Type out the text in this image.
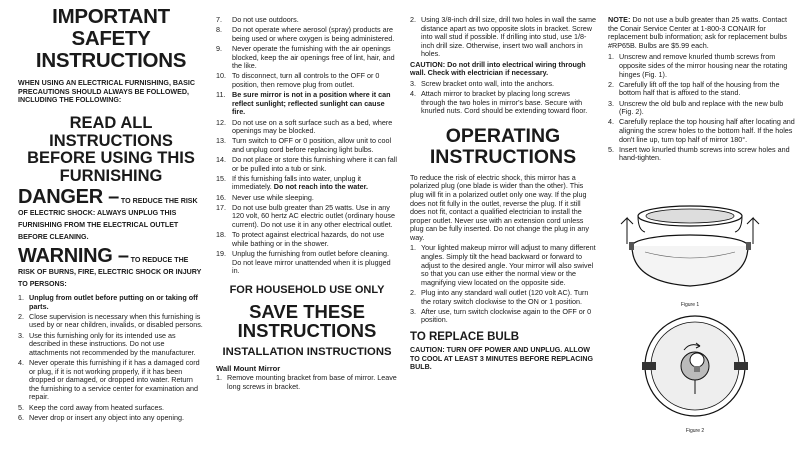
IMPORTANT SAFETY INSTRUCTIONS
WHEN USING AN ELECTRICAL FURNISHING, BASIC PRECAUTIONS SHOULD ALWAYS BE FOLLOWED, INCLUDING THE FOLLOWING:
READ ALL INSTRUCTIONS BEFORE USING THIS FURNISHING
DANGER – TO REDUCE THE RISK OF ELECTRIC SHOCK: ALWAYS UNPLUG THIS FURNISHING FROM THE ELECTRICAL OUTLET BEFORE CLEANING.
WARNING – TO REDUCE THE RISK OF BURNS, FIRE, ELECTRIC SHOCK OR INJURY TO PERSONS:
1. Unplug from outlet before putting on or taking off parts.
2. Close supervision is necessary when this furnishing is used by or near children, invalids, or disabled persons.
3. Use this furnishing only for its intended use as described in these instructions. Do not use attachments not recommended by the manufacturer.
4. Never operate this furnishing if it has a damaged cord or plug, if it is not working properly, if it has been dropped or damaged, or dropped into water. Return the furnishing to a service center for examination and repair.
5. Keep the cord away from heated surfaces.
6. Never drop or insert any object into any opening.
7.	Do not use outdoors.
8.	Do not operate where aerosol (spray) products are being used or where oxygen is being administered.
9.	Never operate the furnishing with the air openings blocked, keep the air openings free of lint, hair, and the like.
10. To disconnect, turn all controls to the OFF or 0 position, then remove plug from outlet.
11. Be sure mirror is not in a position where it can reflect sunlight; reflected sunlight can cause fire.
12. Do not use on a soft surface such as a bed, where openings may be blocked.
13. Turn switch to OFF or 0 position, allow unit to cool and unplug cord before replacing light bulbs.
14. Do not place or store this furnishing where it can fall or be pulled into a tub or sink.
15. If this furnishing falls into water, unplug it immediately. Do not reach into the water.
16. Never use while sleeping.
17. Do not use bulb greater than 25 watts. Use in any 120 volt, 60 hertz AC electric outlet (ordinary house current). Do not use it in any other electrical outlet.
18. To protect against electrical hazards, do not use while bathing or in the shower.
19. Unplug the furnishing from outlet before cleaning. Do not leave mirror unattended when it is plugged in.
FOR HOUSEHOLD USE ONLY
SAVE THESE INSTRUCTIONS
INSTALLATION INSTRUCTIONS
Wall Mount Mirror
1. Remove mounting bracket from base of mirror. Leave long screws in bracket.
2. Using 3/8-inch drill size, drill two holes in wall the same distance apart as two opposite slots in bracket. Screw into wall stud if possible. If drilling into stud, use 1/8-inch drill size. Otherwise, insert two wall anchors in holes.
CAUTION: Do not drill into electrical wiring through wall. Check with electrician if necessary.
3. Screw bracket onto wall, into the anchors.
4. Attach mirror to bracket by placing long screws through the two holes in mirror's base. Secure with knurled nuts. Cord should be extending toward floor.
OPERATING INSTRUCTIONS
To reduce the risk of electric shock, this mirror has a polarized plug (one blade is wider than the other). This plug will fit in a polarized outlet only one way. If the plug does not fit fully in the outlet, reverse the plug. If it still does not fit, contact a qualified electrician to install the proper outlet. Never use with an extension cord unless plug can be fully inserted. Do not change the plug in any way.
1. Your lighted makeup mirror will adjust to many different angles. Simply tilt the head backward or forward to adjust to the desired angle. Your mirror will also swivel so that you can use either the normal view or the magnifying view located on the opposite side.
2. Plug into any standard wall outlet (120 volt AC). Turn the rotary switch clockwise to the ON or 1 position.
3. After use, turn switch clockwise again to the OFF or 0 position.
TO REPLACE BULB
CAUTION: TURN OFF POWER AND UNPLUG. ALLOW TO COOL AT LEAST 3 MINUTES BEFORE REPLACING BULB.
NOTE: Do not use a bulb greater than 25 watts. Contact the Conair Service Center at 1-800-3 CONAIR for replacement bulb information; ask for replacement bulbs #RP65B. Bulbs are $5.99 each.
1. Unscrew and remove knurled thumb screws from opposite sides of the mirror housing near the rotating hinges (Fig. 1).
2. Carefully lift off the top half of the housing from the bottom half that is affixed to the stand.
3. Unscrew the old bulb and replace with the new bulb (Fig. 2).
4. Carefully replace the top housing half after locating and aligning the screw holes to the bottom half. If the holes don't line up, turn top half of mirror 180°.
5. Insert two knurled thumb screws into screw holes and hand-tighten.
Figure 1
Figure 2
